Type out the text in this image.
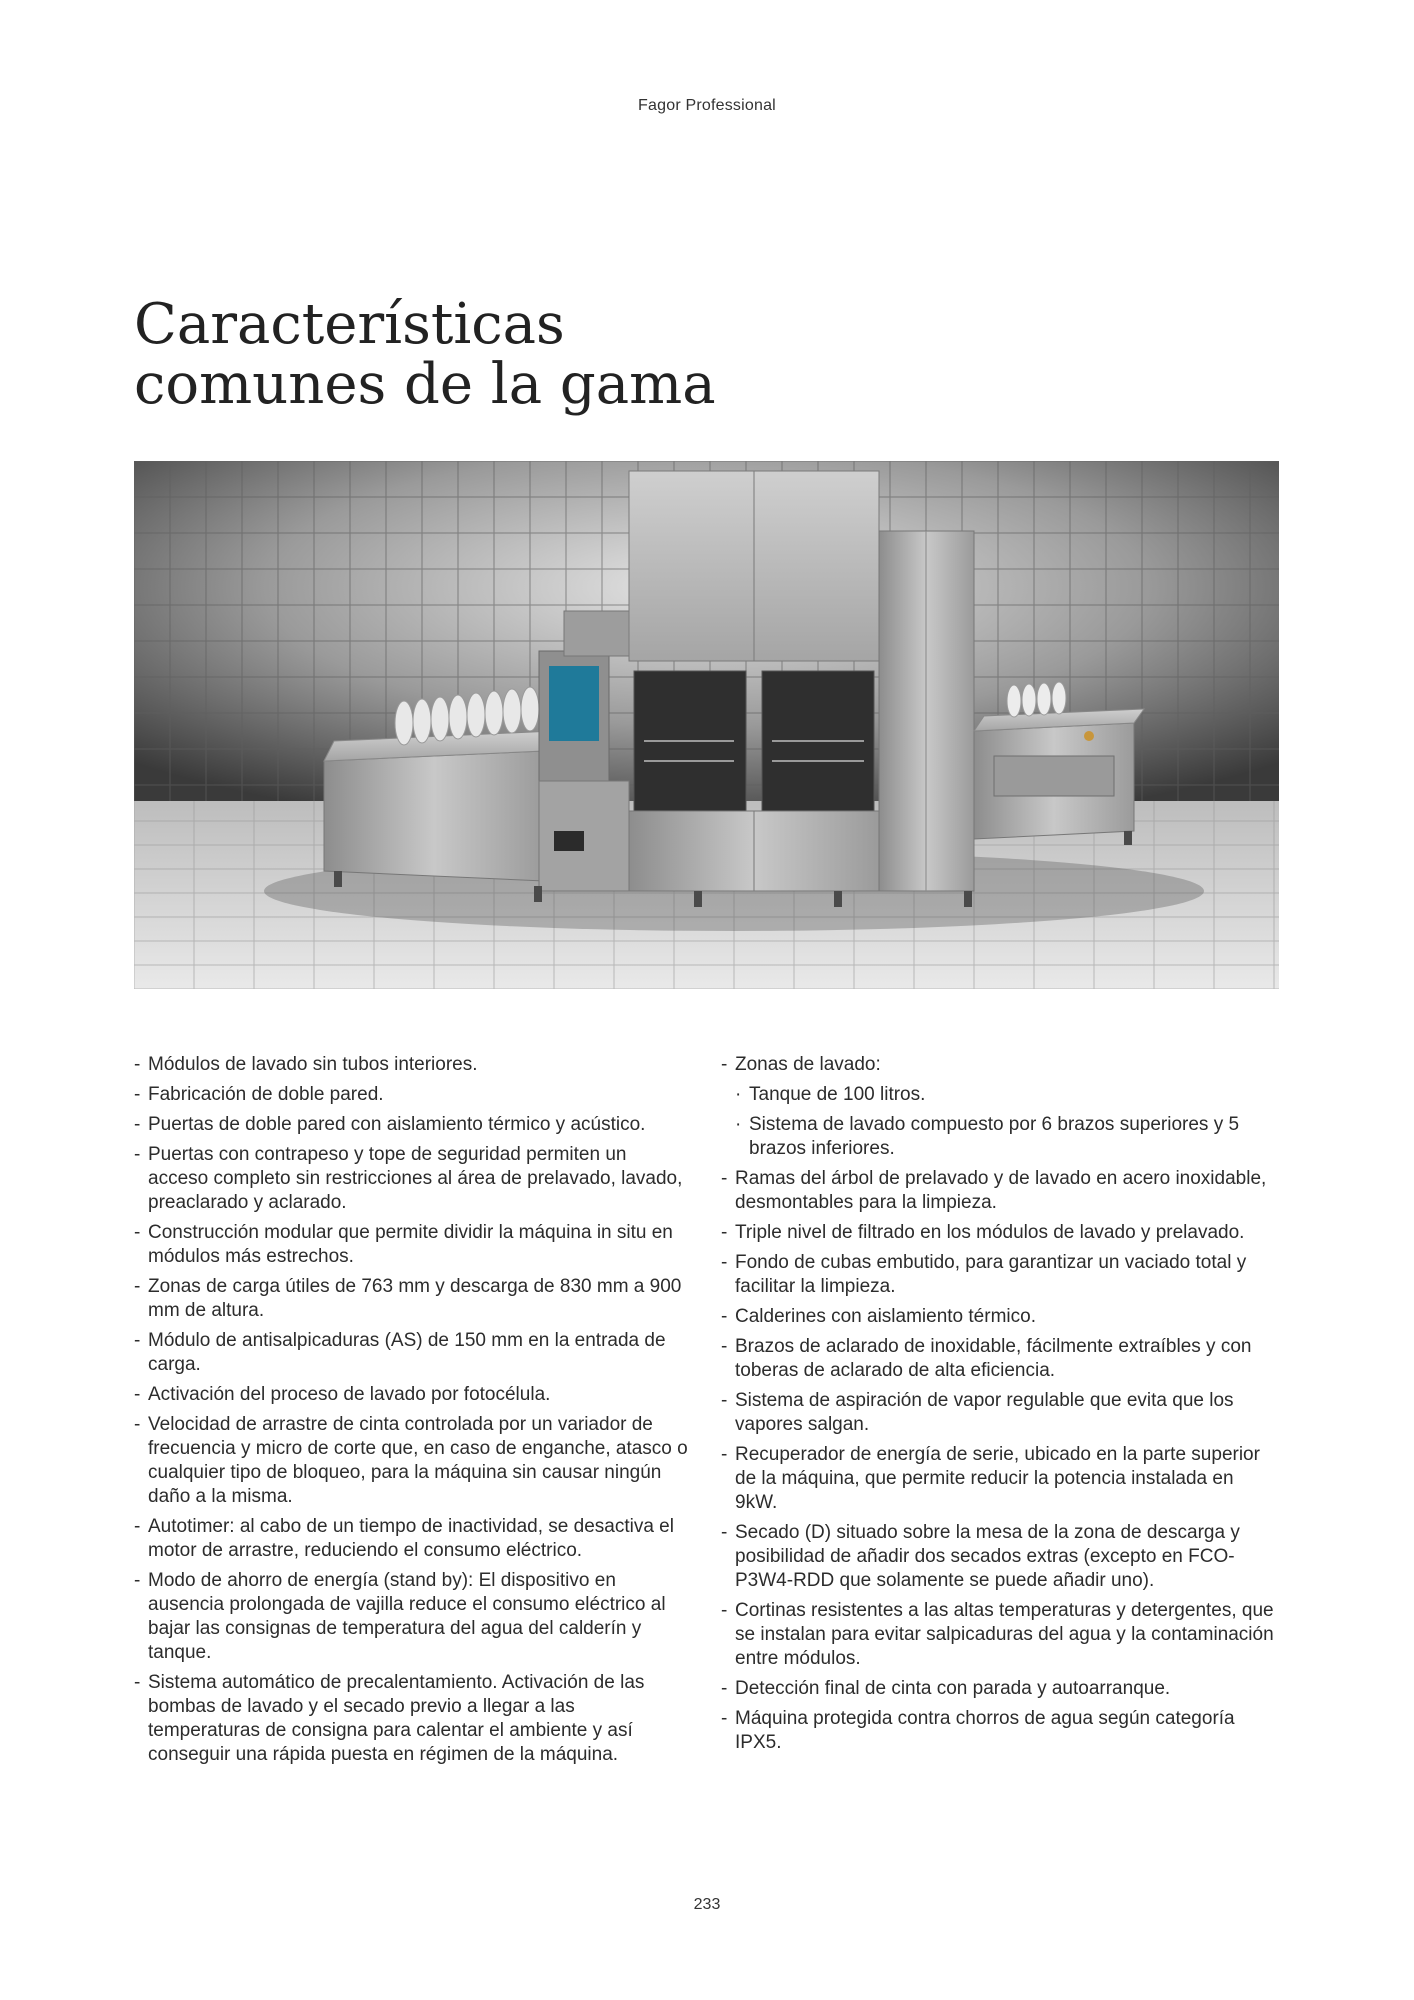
Fagor Professional
Características
comunes de la gama
- Módulos de lavado sin tubos interiores.
- Fabricación de doble pared.
- Puertas de doble pared con aislamiento térmico y acústico.
- Puertas con contrapeso y tope de seguridad permiten un acceso completo sin restricciones al área de prelavado, lavado, preaclarado y aclarado.
- Construcción modular que permite dividir la máquina in situ en módulos más estrechos.
- Zonas de carga útiles de 763 mm y descarga de 830 mm a 900 mm de altura.
- Módulo de antisalpicaduras (AS) de 150 mm en la entrada de carga.
- Activación del proceso de lavado por fotocélula.
- Velocidad de arrastre de cinta controlada por un variador de frecuencia y micro de corte que, en caso de enganche, atasco o cualquier tipo de bloqueo, para la máquina sin causar ningún daño a la misma.
- Autotimer: al cabo de un tiempo de inactividad, se desactiva el motor de arrastre, reduciendo el consumo eléctrico.
- Modo de ahorro de energía (stand by): El dispositivo en ausencia prolongada de vajilla reduce el consumo eléctrico al bajar las consignas de temperatura del agua del calderín y tanque.
- Sistema automático de precalentamiento. Activación de las bombas de lavado y el secado previo a llegar a las temperaturas de consigna para calentar el ambiente y así conseguir una rápida puesta en régimen de la máquina.
- Zonas de lavado:
· Tanque de 100 litros.
· Sistema de lavado compuesto por 6 brazos superiores y 5 brazos inferiores.
- Ramas del árbol de prelavado y de lavado en acero inoxidable, desmontables para la limpieza.
- Triple nivel de filtrado en los módulos de lavado y prelavado.
- Fondo de cubas embutido, para garantizar un vaciado total y facilitar la limpieza.
- Calderines con aislamiento térmico.
- Brazos de aclarado de inoxidable, fácilmente extraíbles y con toberas de aclarado de alta eficiencia.
- Sistema de aspiración de vapor regulable que evita que los vapores salgan.
- Recuperador de energía de serie, ubicado en la parte superior de la máquina, que permite reducir la potencia instalada en 9kW.
- Secado (D) situado sobre la mesa de la zona de descarga y posibilidad de añadir dos secados extras (excepto en FCO-P3W4-RDD que solamente se puede añadir uno).
- Cortinas resistentes a las altas temperaturas y detergentes, que se instalan para evitar salpicaduras del agua y la contaminación entre módulos.
- Detección final de cinta con parada y autoarranque.
- Máquina protegida contra chorros de agua según categoría IPX5.
233
